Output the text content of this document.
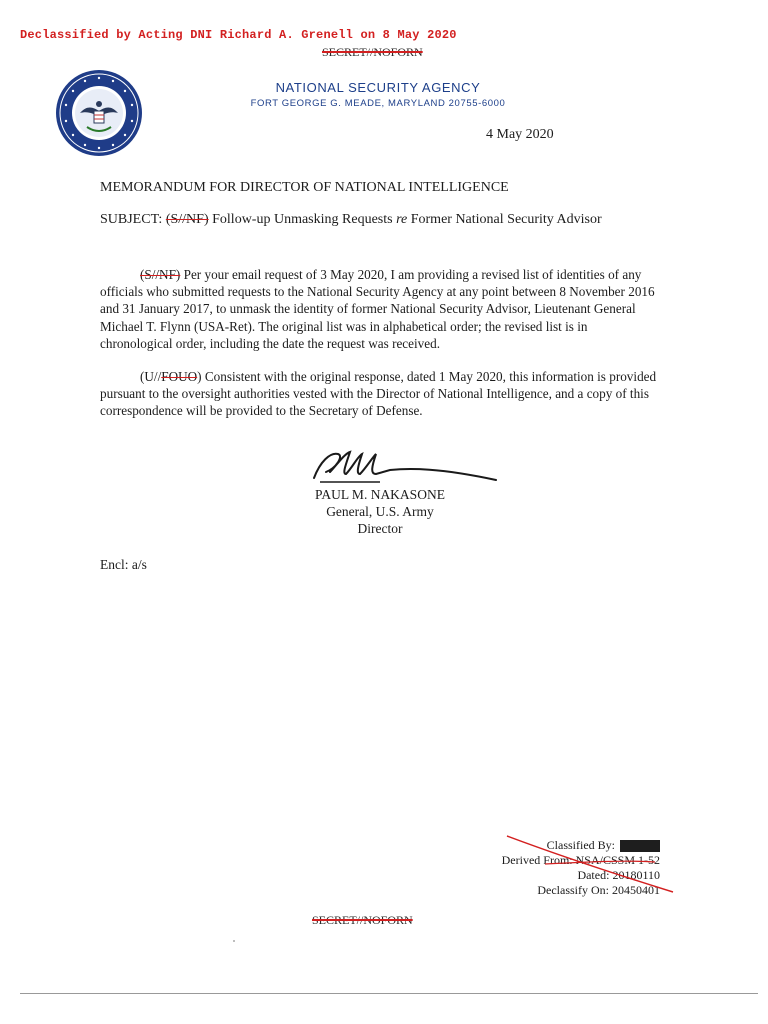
Declassified by Acting DNI Richard A. Grenell on 8 May 2020
SECRET//NOFORN
NATIONAL SECURITY AGENCY
FORT GEORGE G. MEADE, MARYLAND 20755-6000
4 May 2020
MEMORANDUM FOR DIRECTOR OF NATIONAL INTELLIGENCE
SUBJECT: (S//NF) Follow-up Unmasking Requests re Former National Security Advisor

(S//NF) Per your email request of 3 May 2020, I am providing a revised list of identities of any officials who submitted requests to the National Security Agency at any point between 8 November 2016 and 31 January 2017, to unmask the identity of former National Security Advisor, Lieutenant General Michael T. Flynn (USA-Ret). The original list was in alphabetical order; the revised list is in chronological order, including the date the request was received.

(U//FOUO) Consistent with the original response, dated 1 May 2020, this information is provided pursuant to the oversight authorities vested with the Director of National Intelligence, and a copy of this correspondence will be provided to the Secretary of Defense.

PAUL M. NAKASONE
General, U.S. Army
Director
Encl: a/s
Classified By:
Derived From: NSA/CSSM 1-52
Dated: 20180110
Declassify On: 20450401
SECRET//NOFORN
